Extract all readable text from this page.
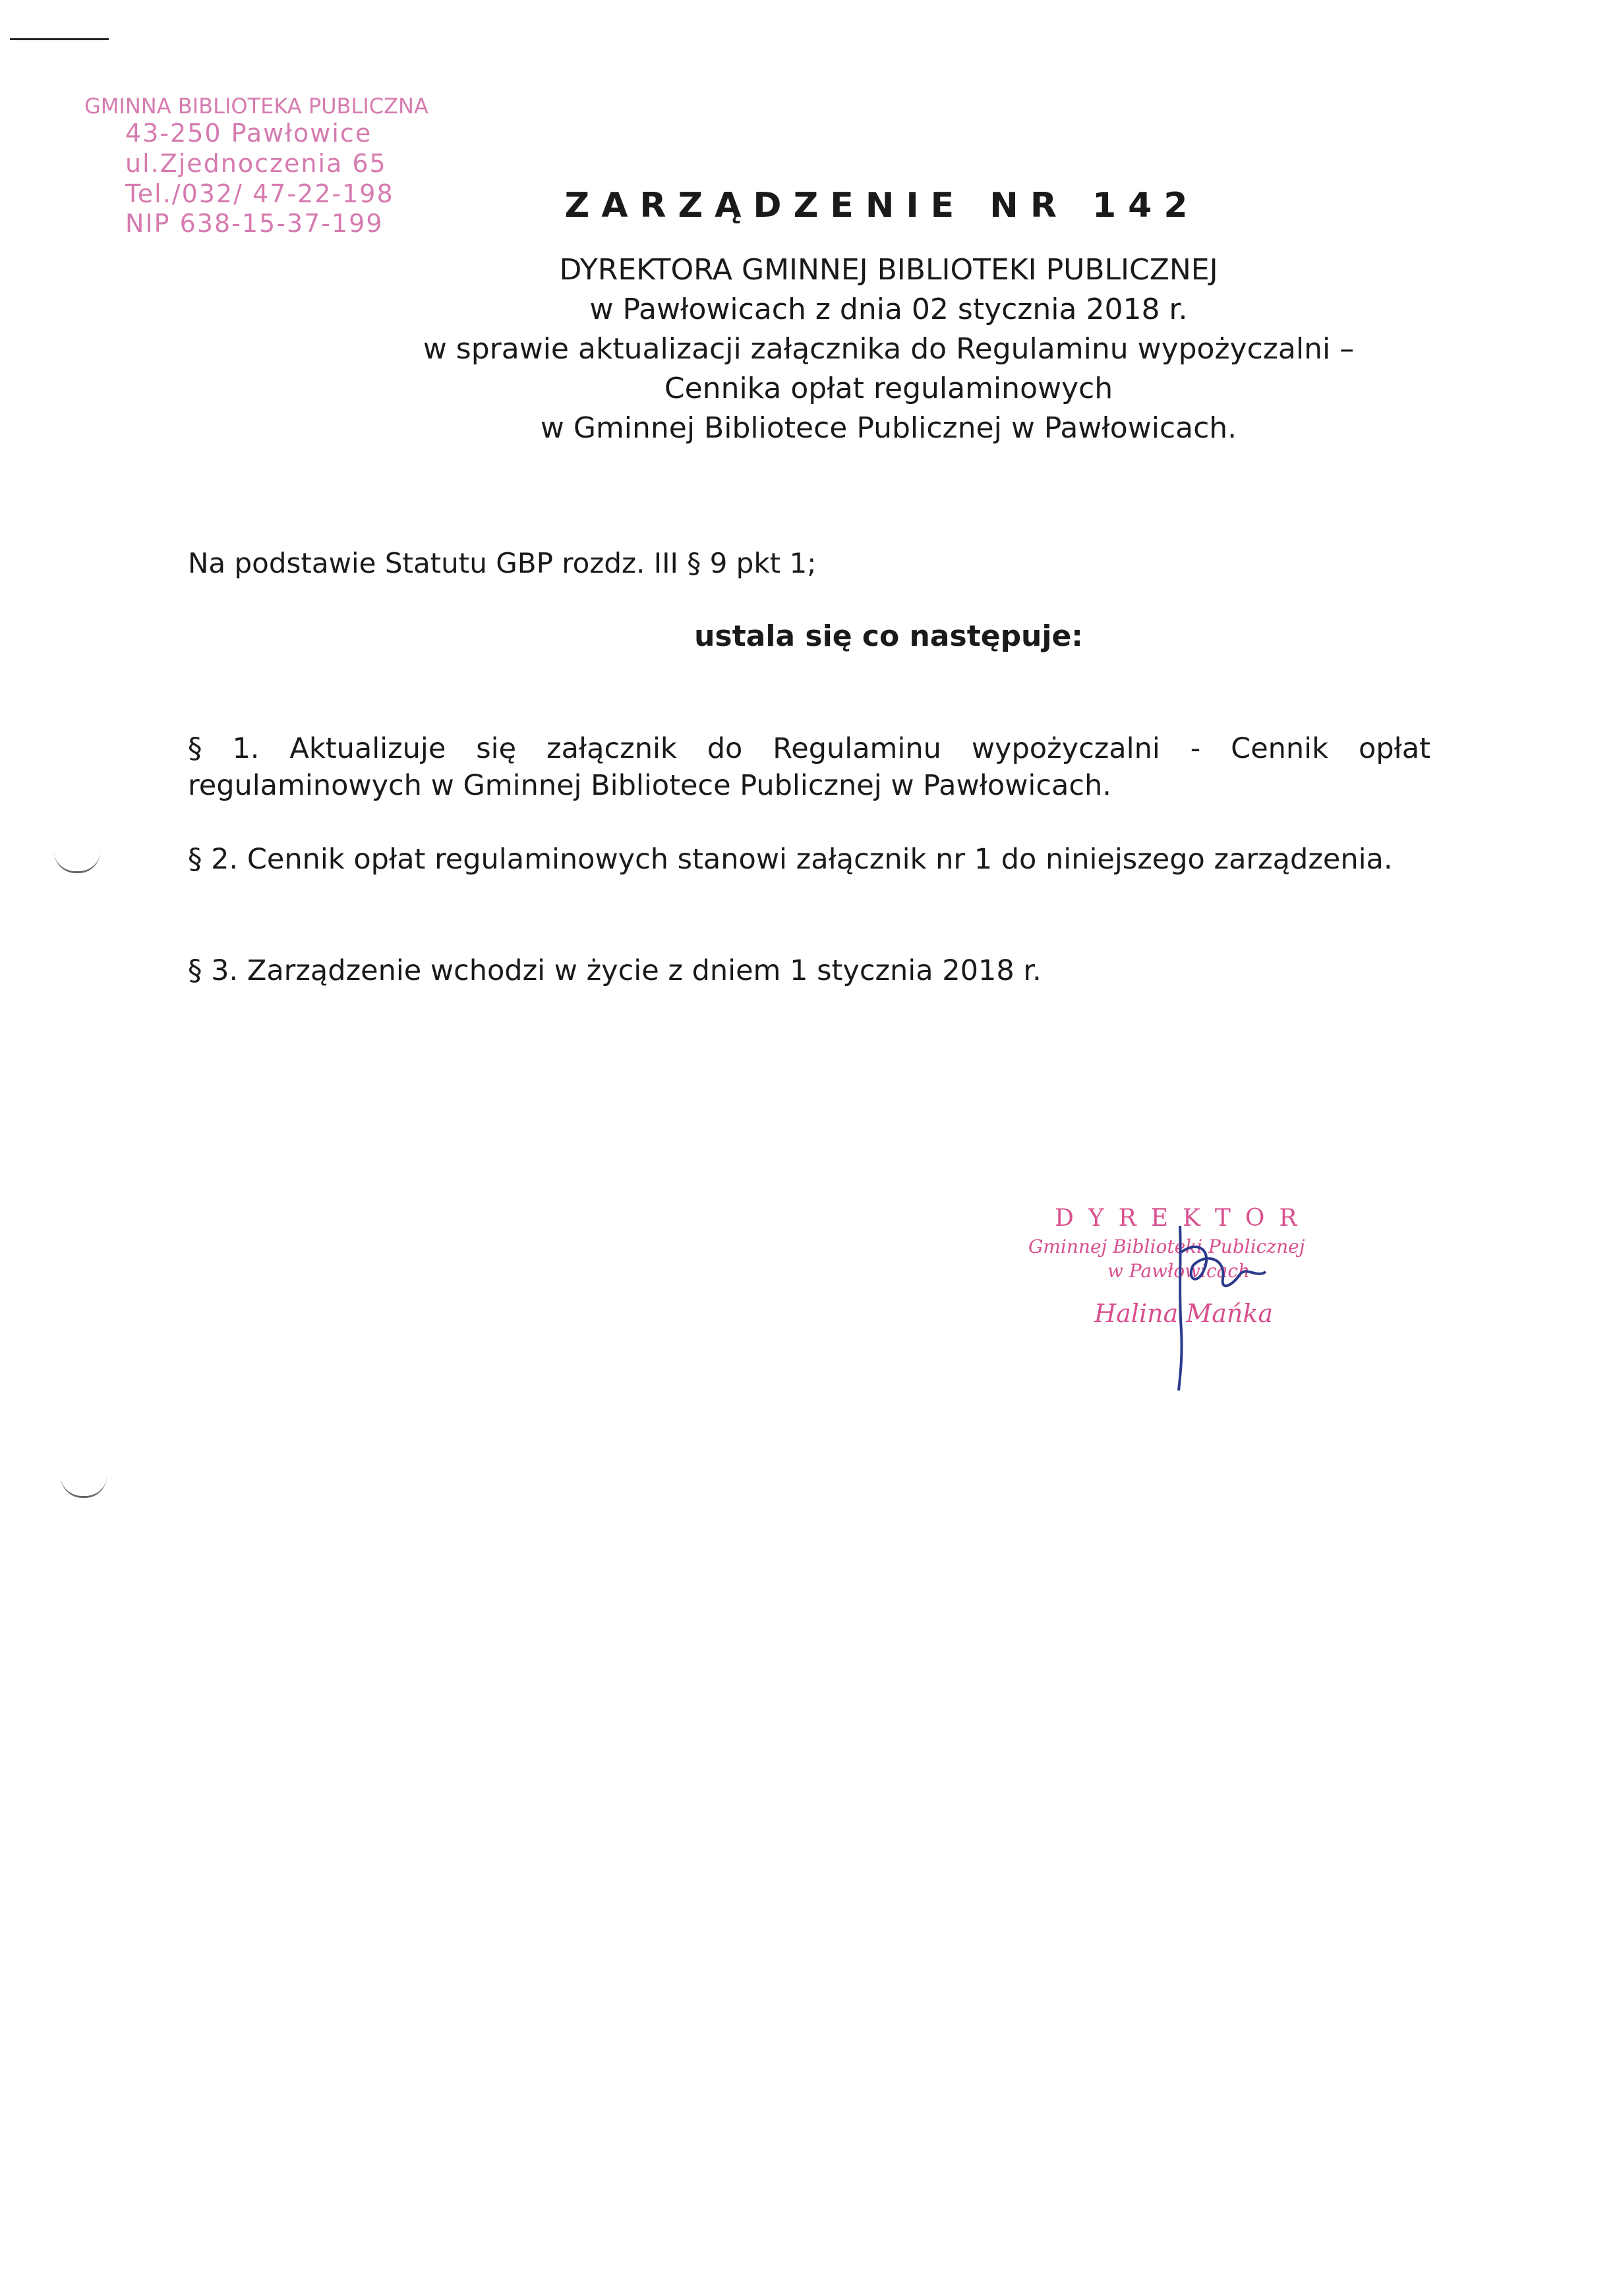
GMINNA BIBLIOTEKA PUBLICZNA
43-250 Pawłowice
ul.Zjednoczenia 65
Tel./032/ 47-22-198
NIP 638-15-37-199	ZARZĄDZENIE NR 142
DYREKTORA GMINNEJ BIBLIOTEKI PUBLICZNEJ
w Pawłowicach z dnia 02 stycznia 2018 r.
w sprawie aktualizacji załącznika do Regulaminu wypożyczalni –
Cennika opłat regulaminowych
w Gminnej Bibliotece Publicznej w Pawłowicach.
Na podstawie Statutu GBP rozdz. III § 9 pkt 1;
ustala się co następuje:
§ 1. Aktualizuje się załącznik do Regulaminu wypożyczalni - Cennik opłat regulaminowych w Gminnej Bibliotece Publicznej w Pawłowicach.
§ 2. Cennik opłat regulaminowych stanowi załącznik nr 1 do niniejszego zarządzenia.
§ 3. Zarządzenie wchodzi w życie z dniem 1 stycznia 2018 r.
DYREKTOR
Gminnej Biblioteki Publicznej
w Pawłowicach
Halina Mańka
